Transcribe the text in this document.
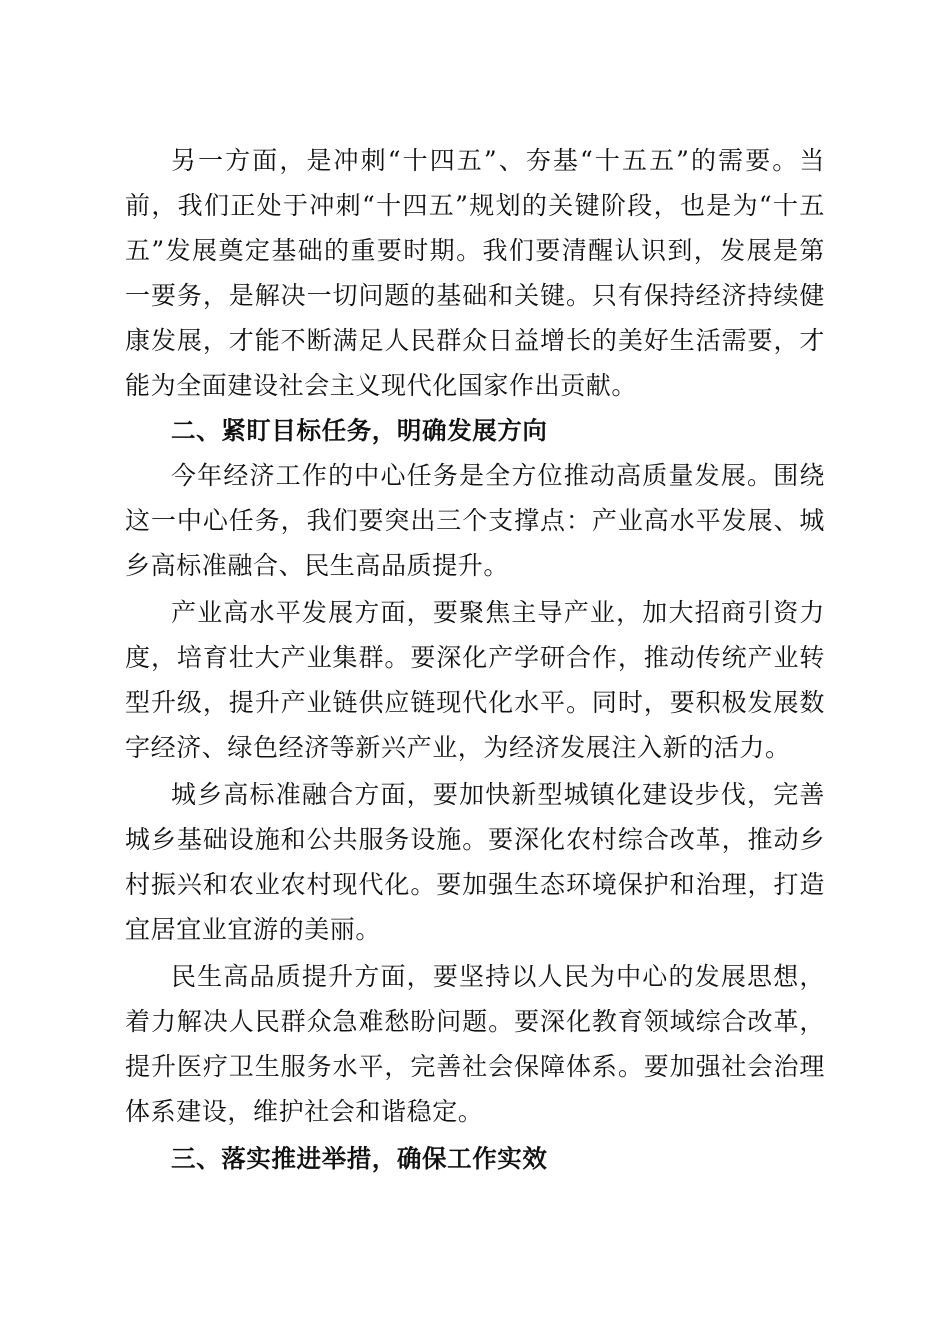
另一方面，是冲刺“十四五”、夯基“十五五”的需要。当前，我们正处于冲刺“十四五”规划的关键阶段，也是为“十五五”发展奠定基础的重要时期。我们要清醒认识到，发展是第一要务，是解决一切问题的基础和关键。只有保持经济持续健康发展，才能不断满足人民群众日益增长的美好生活需要，才能为全面建设社会主义现代化国家作出贡献。

二、紧盯目标任务，明确发展方向

今年经济工作的中心任务是全方位推动高质量发展。围绕这一中心任务，我们要突出三个支撑点：产业高水平发展、城乡高标准融合、民生高品质提升。

产业高水平发展方面，要聚焦主导产业，加大招商引资力度，培育壮大产业集群。要深化产学研合作，推动传统产业转型升级，提升产业链供应链现代化水平。同时，要积极发展数字经济、绿色经济等新兴产业，为经济发展注入新的活力。

城乡高标准融合方面，要加快新型城镇化建设步伐，完善城乡基础设施和公共服务设施。要深化农村综合改革，推动乡村振兴和农业农村现代化。要加强生态环境保护和治理，打造宜居宜业宜游的美丽。

民生高品质提升方面，要坚持以人民为中心的发展思想，着力解决人民群众急难愁盼问题。要深化教育领域综合改革，提升医疗卫生服务水平，完善社会保障体系。要加强社会治理体系建设，维护社会和谐稳定。

三、落实推进举措，确保工作实效
